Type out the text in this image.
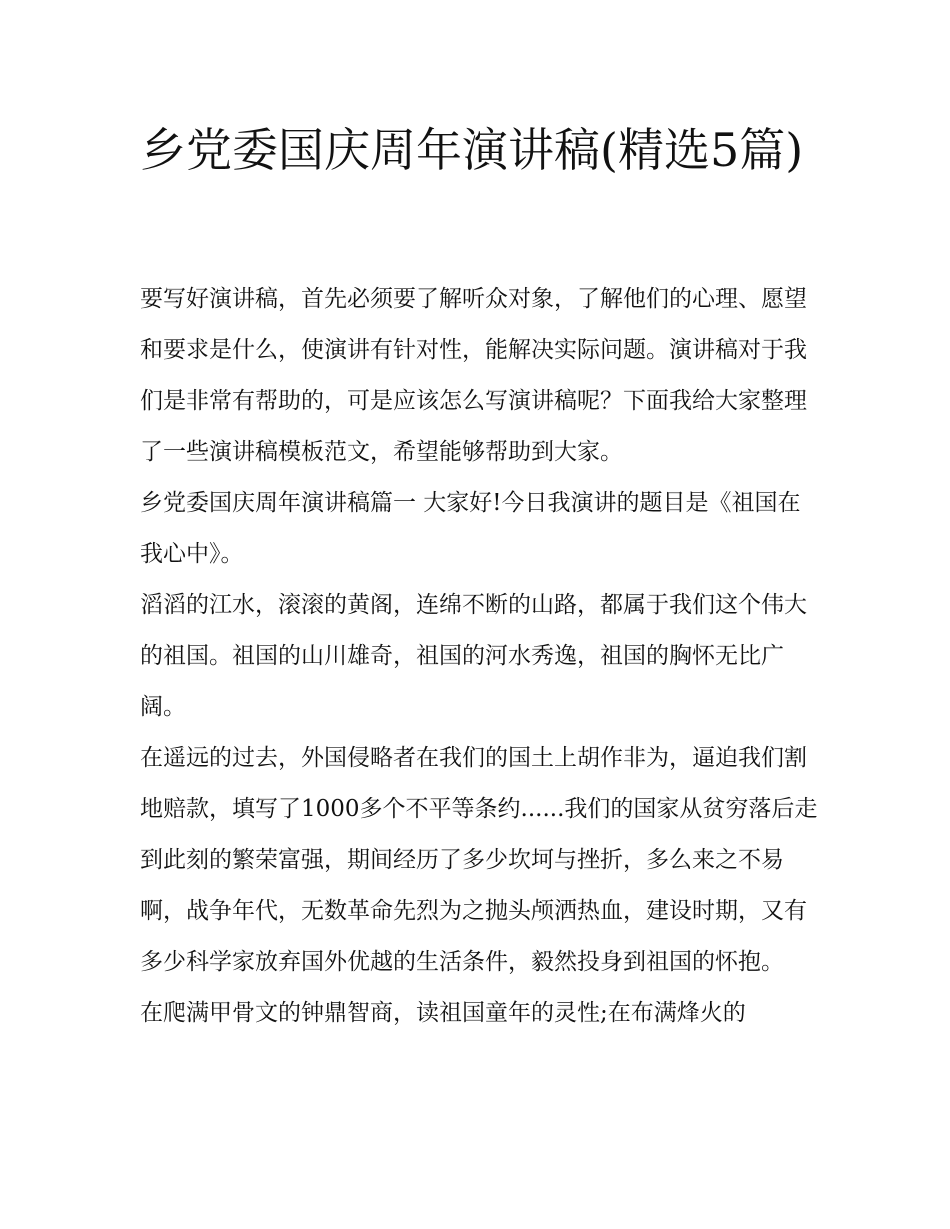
乡党委国庆周年演讲稿(精选5篇)

要写好演讲稿，首先必须要了解听众对象，了解他们的心理、愿望和要求是什么，使演讲有针对性，能解决实际问题。演讲稿对于我们是非常有帮助的，可是应该怎么写演讲稿呢？下面我给大家整理了一些演讲稿模板范文，希望能够帮助到大家。

乡党委国庆周年演讲稿篇一 大家好!今日我演讲的题目是《祖国在我心中》。

滔滔的江水，滚滚的黄阁，连绵不断的山路，都属于我们这个伟大的祖国。祖国的山川雄奇，祖国的河水秀逸，祖国的胸怀无比广阔。

在遥远的过去，外国侵略者在我们的国土上胡作非为，逼迫我们割地赔款，填写了1000多个不平等条约......我们的国家从贫穷落后走到此刻的繁荣富强，期间经历了多少坎坷与挫折，多么来之不易啊，战争年代，无数革命先烈为之抛头颅洒热血，建设时期，又有多少科学家放弃国外优越的生活条件，毅然投身到祖国的怀抱。

在爬满甲骨文的钟鼎智商，读祖国童年的灵性;在布满烽火的
